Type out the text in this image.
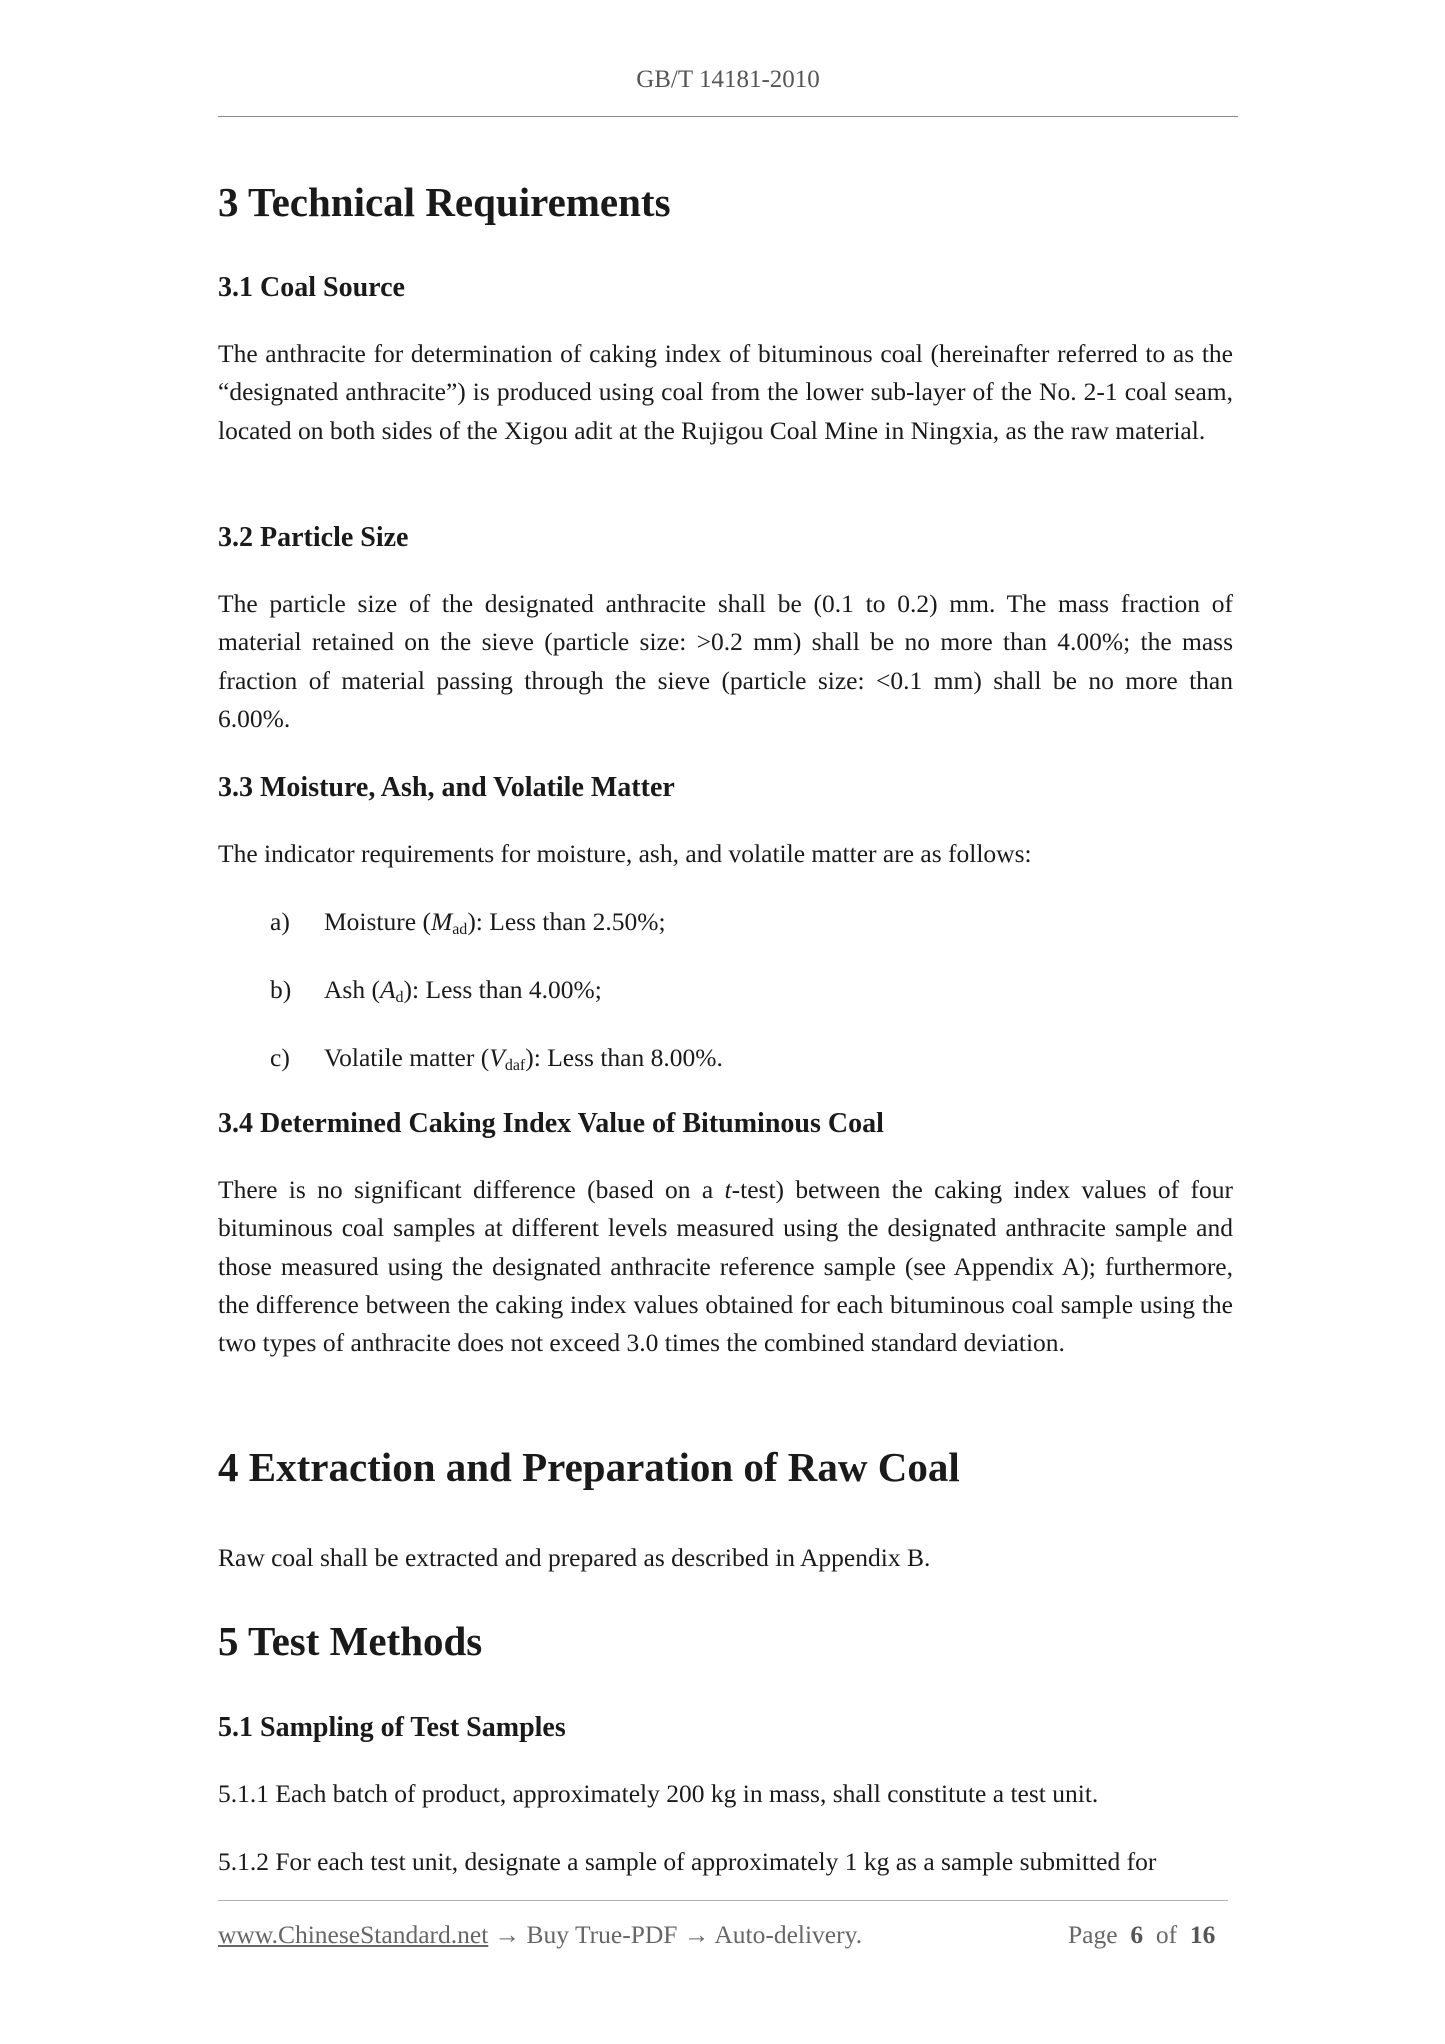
GB/T 14181-2010
3 Technical Requirements
3.1 Coal Source

The anthracite for determination of caking index of bituminous coal (hereinafter referred to as the “designated anthracite”) is produced using coal from the lower sub-layer of the No. 2-1 coal seam, located on both sides of the Xigou adit at the Rujigou Coal Mine in Ningxia, as the raw material.

3.2 Particle Size

The particle size of the designated anthracite shall be (0.1 to 0.2) mm. The mass fraction of material retained on the sieve (particle size: >0.2 mm) shall be no more than 4.00%; the mass fraction of material passing through the sieve (particle size: <0.1 mm) shall be no more than 6.00%.

3.3 Moisture, Ash, and Volatile Matter

The indicator requirements for moisture, ash, and volatile matter are as follows:

a) Moisture $(M_{ad})$: Less than 2.50%;
b) Ash $(A_d)$: Less than 4.00%;
c) Volatile matter $(V_{daf})$: Less than 8.00%.
3.4 Determined Caking Index Value of Bituminous Coal

There is no significant difference (based on a t-test) between the caking index values of four bituminous coal samples at different levels measured using the designated anthracite sample and those measured using the designated anthracite reference sample (see Appendix A); furthermore, the difference between the caking index values obtained for each bituminous coal sample using the two types of anthracite does not exceed 3.0 times the combined standard deviation.

4 Extraction and Preparation of Raw Coal

Raw coal shall be extracted and prepared as described in Appendix B.

5 Test Methods
5.1 Sampling of Test Samples

5.1.1 Each batch of product, approximately 200 kg in mass, shall constitute a test unit.

5.1.2 For each test unit, designate a sample of approximately 1 kg as a sample submitted for

www.ChineseStandard.net → Buy True-PDF → Auto-delivery.	Page 6 of 16
